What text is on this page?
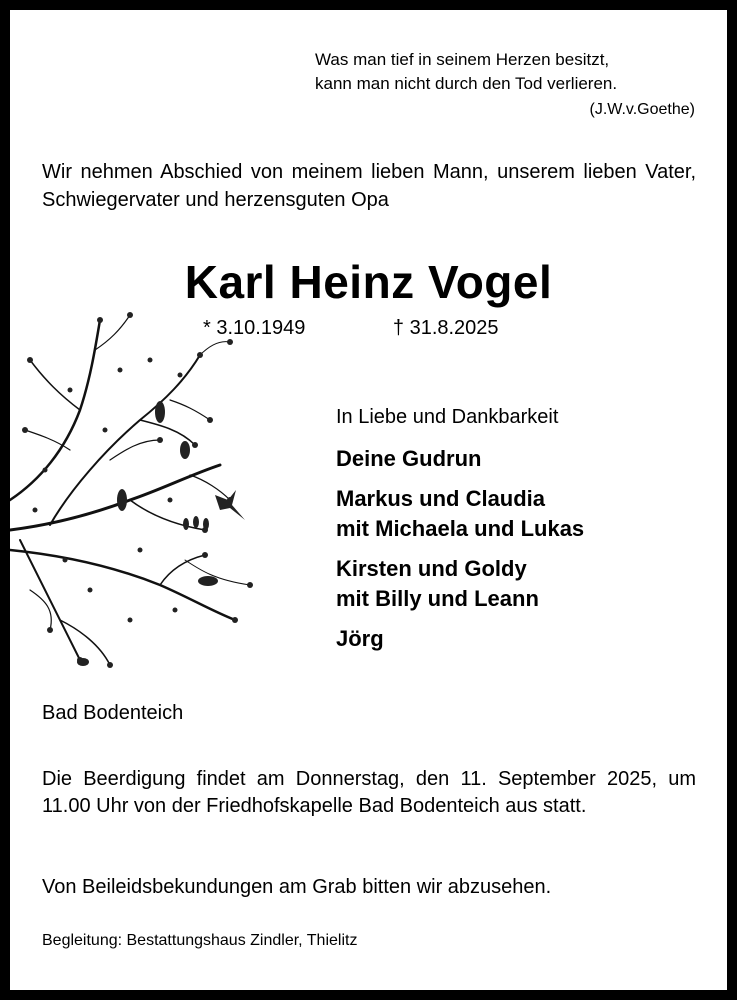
Was man tief in seinem Herzen besitzt,
kann man nicht durch den Tod verlieren.
(J.W.v.Goethe)
Wir nehmen Abschied von meinem lieben Mann, unserem lieben Vater, Schwiegervater und herzensguten Opa
Karl Heinz Vogel
* 3.10.1949	† 31.8.2025
In Liebe und Dankbarkeit
Deine Gudrun
Markus und Claudia
mit Michaela und Lukas
Kirsten und Goldy
mit Billy und Leann
Jörg
Bad Bodenteich
Die Beerdigung findet am Donnerstag, den 11. September 2025, um 11.00 Uhr von der Friedhofskapelle Bad Bodenteich aus statt.
Von Beileidsbekundungen am Grab bitten wir abzusehen.
Begleitung: Bestattungshaus Zindler, Thielitz
